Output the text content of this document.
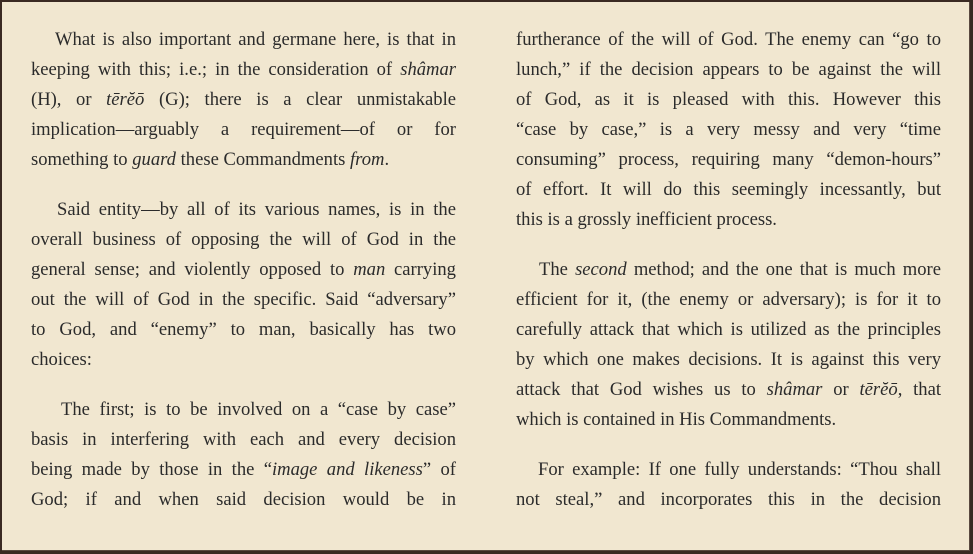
What is also important and germane here, is that in
keeping with this; i.e.; in the consideration of shâmar
(H), or tērĕō (G); there is a clear unmistakable
implication—arguably a requirement—of or for
something to guard these Commandments from.
Said entity—by all of its various names, is in the
overall business of opposing the will of God in the
general sense; and violently opposed to man carrying
out the will of God in the specific. Said “adversary”
to God, and “enemy” to man, basically has two
choices:
The first; is to be involved on a “case by case”
basis in interfering with each and every decision
being made by those in the “image and likeness” of
God; if and when said decision would be in
furtherance of the will of God. The enemy can “go to
lunch,” if the decision appears to be against the will
of God, as it is pleased with this. However this
“case by case,” is a very messy and very “time
consuming” process, requiring many “demon-hours”
of effort. It will do this seemingly incessantly, but
this is a grossly inefficient process.
The second method; and the one that is much more
efficient for it, (the enemy or adversary); is for it to
carefully attack that which is utilized as the principles
by which one makes decisions. It is against this very
attack that God wishes us to shâmar or tērĕō, that
which is contained in His Commandments.
For example: If one fully understands: “Thou shall
not steal,” and incorporates this in the decision
